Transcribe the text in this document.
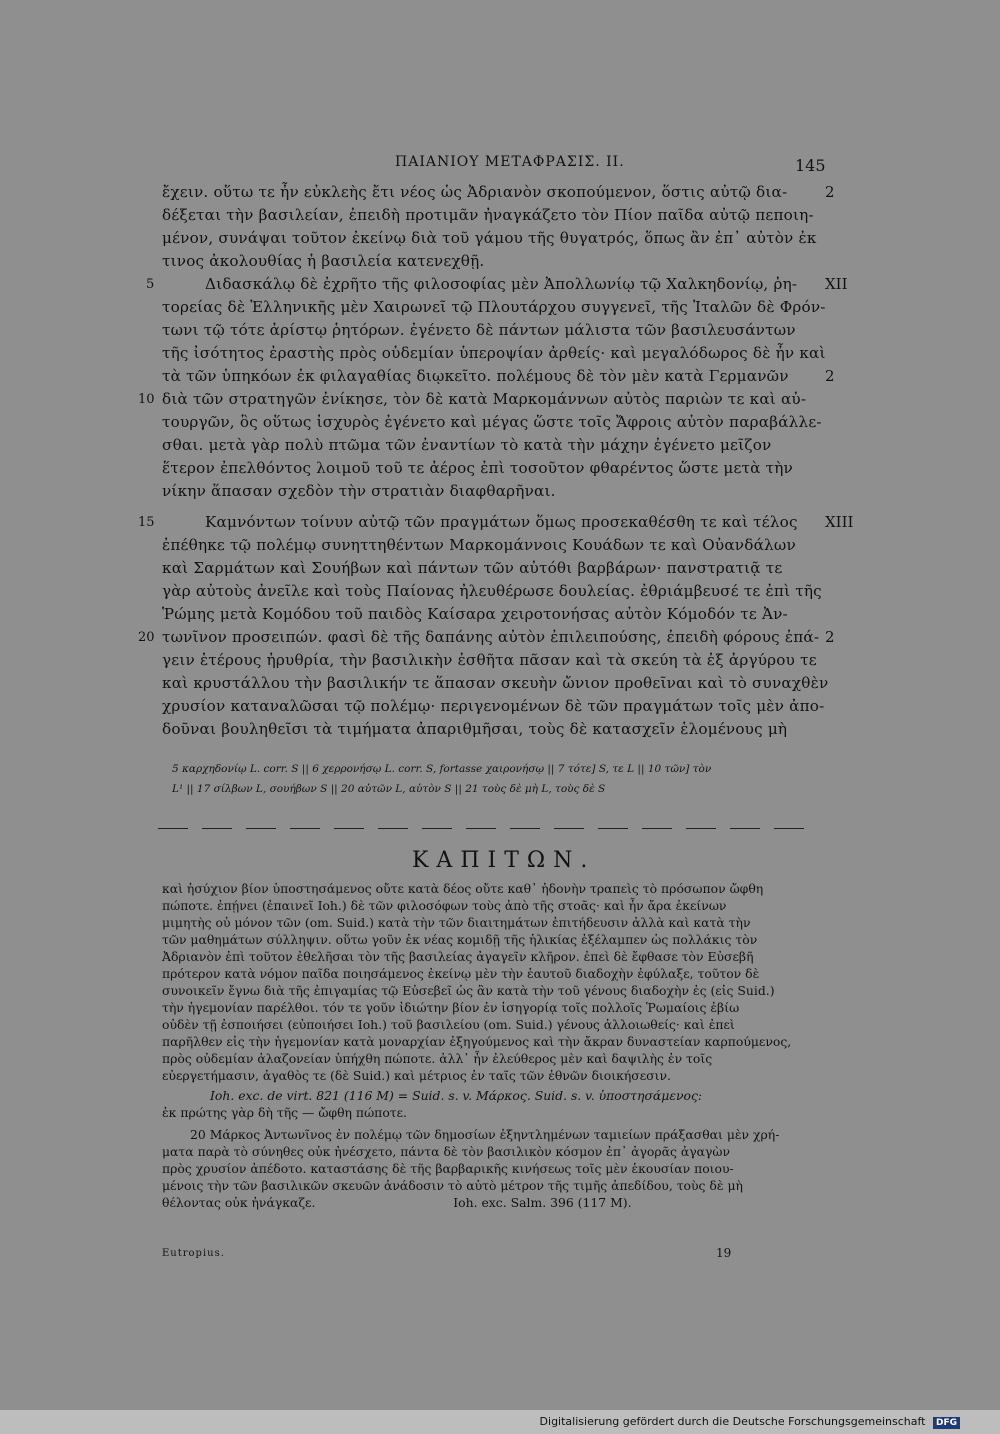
ΠΑΙΑΝΙΟΥ ΜΕΤΑΦΡΑΣΙΣ. II.	145
ἔχειν. οὕτω τε ἦν εὐκλεὴς ἔτι νέος ὡς Ἀδριανὸν σκοπούμενον, ὅστις αὐτῷ δια-
δέξεται τὴν βασιλείαν, ἐπειδὴ προτιμᾶν ἠναγκάζετο τὸν Πίον παῖδα αὐτῷ πεποιη-
μένον, συνάψαι τοῦτον ἐκείνῳ διὰ τοῦ γάμου τῆς θυγατρός, ὅπως ἂν ἐπ᾽ αὐτὸν ἐκ
τινος ἀκολουθίας ἡ βασιλεία κατενεχθῇ.
Διδασκάλῳ δὲ ἐχρῆτο τῆς φιλοσοφίας μὲν Ἀπολλωνίῳ τῷ Χαλκηδονίῳ, ῥη-
τορείας δὲ Ἑλληνικῆς μὲν Χαιρωνεῖ τῷ Πλουτάρχου συγγενεῖ, τῆς Ἰταλῶν δὲ Φρόν-
τωνι τῷ τότε ἀρίστῳ ῥητόρων. ἐγένετο δὲ πάντων μάλιστα τῶν βασιλευσάντων
τῆς ἰσότητος ἐραστὴς πρὸς οὐδεμίαν ὑπεροψίαν ἀρθείς· καὶ μεγαλόδωρος δὲ ἦν καὶ
τὰ τῶν ὑπηκόων ἐκ φιλαγαθίας διῳκεῖτο. πολέμους δὲ τὸν μὲν κατὰ Γερμανῶν
διὰ τῶν στρατηγῶν ἐνίκησε, τὸν δὲ κατὰ Μαρκομάννων αὐτὸς παριὼν τε καὶ αὐ-
τουργῶν, ὃς οὕτως ἰσχυρὸς ἐγένετο καὶ μέγας ὥστε τοῖς Ἄφροις αὐτὸν παραβάλλε-
σθαι. μετὰ γὰρ πολὺ πτῶμα τῶν ἐναντίων τὸ κατὰ τὴν μάχην ἐγένετο μεῖζον
ἕτερον ἐπελθόντος λοιμοῦ τοῦ τε ἀέρος ἐπὶ τοσοῦτον φθαρέντος ὥστε μετὰ τὴν
νίκην ἅπασαν σχεδὸν τὴν στρατιὰν διαφθαρῆναι.
Καμνόντων τοίνυν αὐτῷ τῶν πραγμάτων ὅμως προσεκαθέσθη τε καὶ τέλος
ἐπέθηκε τῷ πολέμῳ συνηττηθέντων Μαρκομάννοις Κουάδων τε καὶ Οὐανδάλων
καὶ Σαρμάτων καὶ Σουήβων καὶ πάντων τῶν αὐτόθι βαρβάρων· πανστρατιᾷ τε
γὰρ αὐτοὺς ἀνεῖλε καὶ τοὺς Παίονας ἠλευθέρωσε δουλείας. ἐθριάμβευσέ τε ἐπὶ τῆς
Ῥώμης μετὰ Κομόδου τοῦ παιδὸς Καίσαρα χειροτονήσας αὐτὸν Κόμοδόν τε Ἀν-
τωνῖνον προσειπών. φασὶ δὲ τῆς δαπάνης αὐτὸν ἐπιλειπούσης, ἐπειδὴ φόρους ἐπά-
γειν ἑτέρους ἠρυθρία, τὴν βασιλικὴν ἐσθῆτα πᾶσαν καὶ τὰ σκεύη τὰ ἐξ ἀργύρου τε
καὶ κρυστάλλου τὴν βασιλικήν τε ἅπασαν σκευὴν ὤνιον προθεῖναι καὶ τὸ συναχθὲν
χρυσίον καταναλῶσαι τῷ πολέμῳ· περιγενομένων δὲ τῶν πραγμάτων τοῖς μὲν ἀπο-
δοῦναι βουληθεῖσι τὰ τιμήματα ἀπαριθμῆσαι, τοὺς δὲ κατασχεῖν ἑλομένους μὴ
5
10
15
20
2
XII
2
XIII
2
5 καρχηδονίῳ L. corr. S || 6 χερρονήσῳ L. corr. S, fortasse χαιρονήσῳ || 7 τότε] S, τε L || 10 τῶν] τὸν
L¹ || 17 σίλβων L, σουήβων S || 20 αὐτῶν L, αὐτὸν S || 21 τοὺς δὲ μὴ L, τοὺς δὲ S
ΚΑΠΙΤΩΝ.
καὶ ἡσύχιον βίον ὑποστησάμενος οὔτε κατὰ δέος οὔτε καθ᾽ ἡδονὴν τραπεὶς τὸ πρόσωπον ὤφθη
πώποτε. ἐπῄνει (ἐπαινεῖ Ioh.) δὲ τῶν φιλοσόφων τοὺς ἀπὸ τῆς στοᾶς· καὶ ἦν ἄρα ἐκείνων
μιμητὴς οὐ μόνον τῶν (om. Suid.) κατὰ τὴν τῶν διαιτημάτων ἐπιτήδευσιν ἀλλὰ καὶ κατὰ τὴν
τῶν μαθημάτων σύλληψιν. οὕτω γοῦν ἐκ νέας κομιδῇ τῆς ἡλικίας ἐξέλαμπεν ὡς πολλάκις τὸν
Ἀδριανὸν ἐπὶ τοῦτον ἐθελῆσαι τὸν τῆς βασιλείας ἀγαγεῖν κλῆρον. ἐπεὶ δὲ ἔφθασε τὸν Εὐσεβῆ
πρότερον κατὰ νόμον παῖδα ποιησάμενος ἐκείνῳ μὲν τὴν ἑαυτοῦ διαδοχὴν ἐφύλαξε, τοῦτον δὲ
συνοικεῖν ἔγνω διὰ τῆς ἐπιγαμίας τῷ Εὐσεβεῖ ὡς ἂν κατὰ τὴν τοῦ γένους διαδοχὴν ἐς (εἰς Suid.)
τὴν ἡγεμονίαν παρέλθοι. τόν τε γοῦν ἰδιώτην βίον ἐν ἰσηγορίᾳ τοῖς πολλοῖς Ῥωμαίοις ἐβίω
οὐδὲν τῇ ἐσποιήσει (εὐποιήσει Ioh.) τοῦ βασιλείου (om. Suid.) γένους ἀλλοιωθείς· καὶ ἐπεὶ
παρῆλθεν εἰς τὴν ἡγεμονίαν κατὰ μοναρχίαν ἐξηγούμενος καὶ τὴν ἄκραν δυναστείαν καρπούμενος,
πρὸς οὐδεμίαν ἀλαζονείαν ὑπήχθη πώποτε. ἀλλ᾽ ἦν ἐλεύθερος μὲν καὶ δαψιλὴς ἐν τοῖς
εὐεργετήμασιν, ἀγαθὸς τε (δὲ Suid.) καὶ μέτριος ἐν ταῖς τῶν ἐθνῶν διοικήσεσιν.
Ioh. exc. de virt. 821 (116 M) = Suid. s. v. Μάρκος. Suid. s. v. ὑποστησάμενος:
ἐκ πρώτης γὰρ δὴ τῆς — ὤφθη πώποτε.
20 Μάρκος Ἀντωνῖνος ἐν πολέμῳ τῶν δημοσίων ἐξηντλημένων ταμιείων πράξασθαι μὲν χρή-
ματα παρὰ τὸ σύνηθες οὐκ ἠνέσχετο, πάντα δὲ τὸν βασιλικὸν κόσμον ἐπ᾽ ἀγορᾶς ἀγαγὼν
πρὸς χρυσίον ἀπέδοτο. καταστάσης δὲ τῆς βαρβαρικῆς κινήσεως τοῖς μὲν ἑκουσίαν ποιου-
μένοις τὴν τῶν βασιλικῶν σκευῶν ἀνάδοσιν τὸ αὐτὸ μέτρον τῆς τιμῆς ἀπεδίδου, τοὺς δὲ μὴ
θέλοντας οὐκ ἠνάγκαζε.                                   Ioh. exc. Salm. 396 (117 M).
Eutropius.	19
Digitalisierung gefördert durch die Deutsche Forschungsgemeinschaft DFG
